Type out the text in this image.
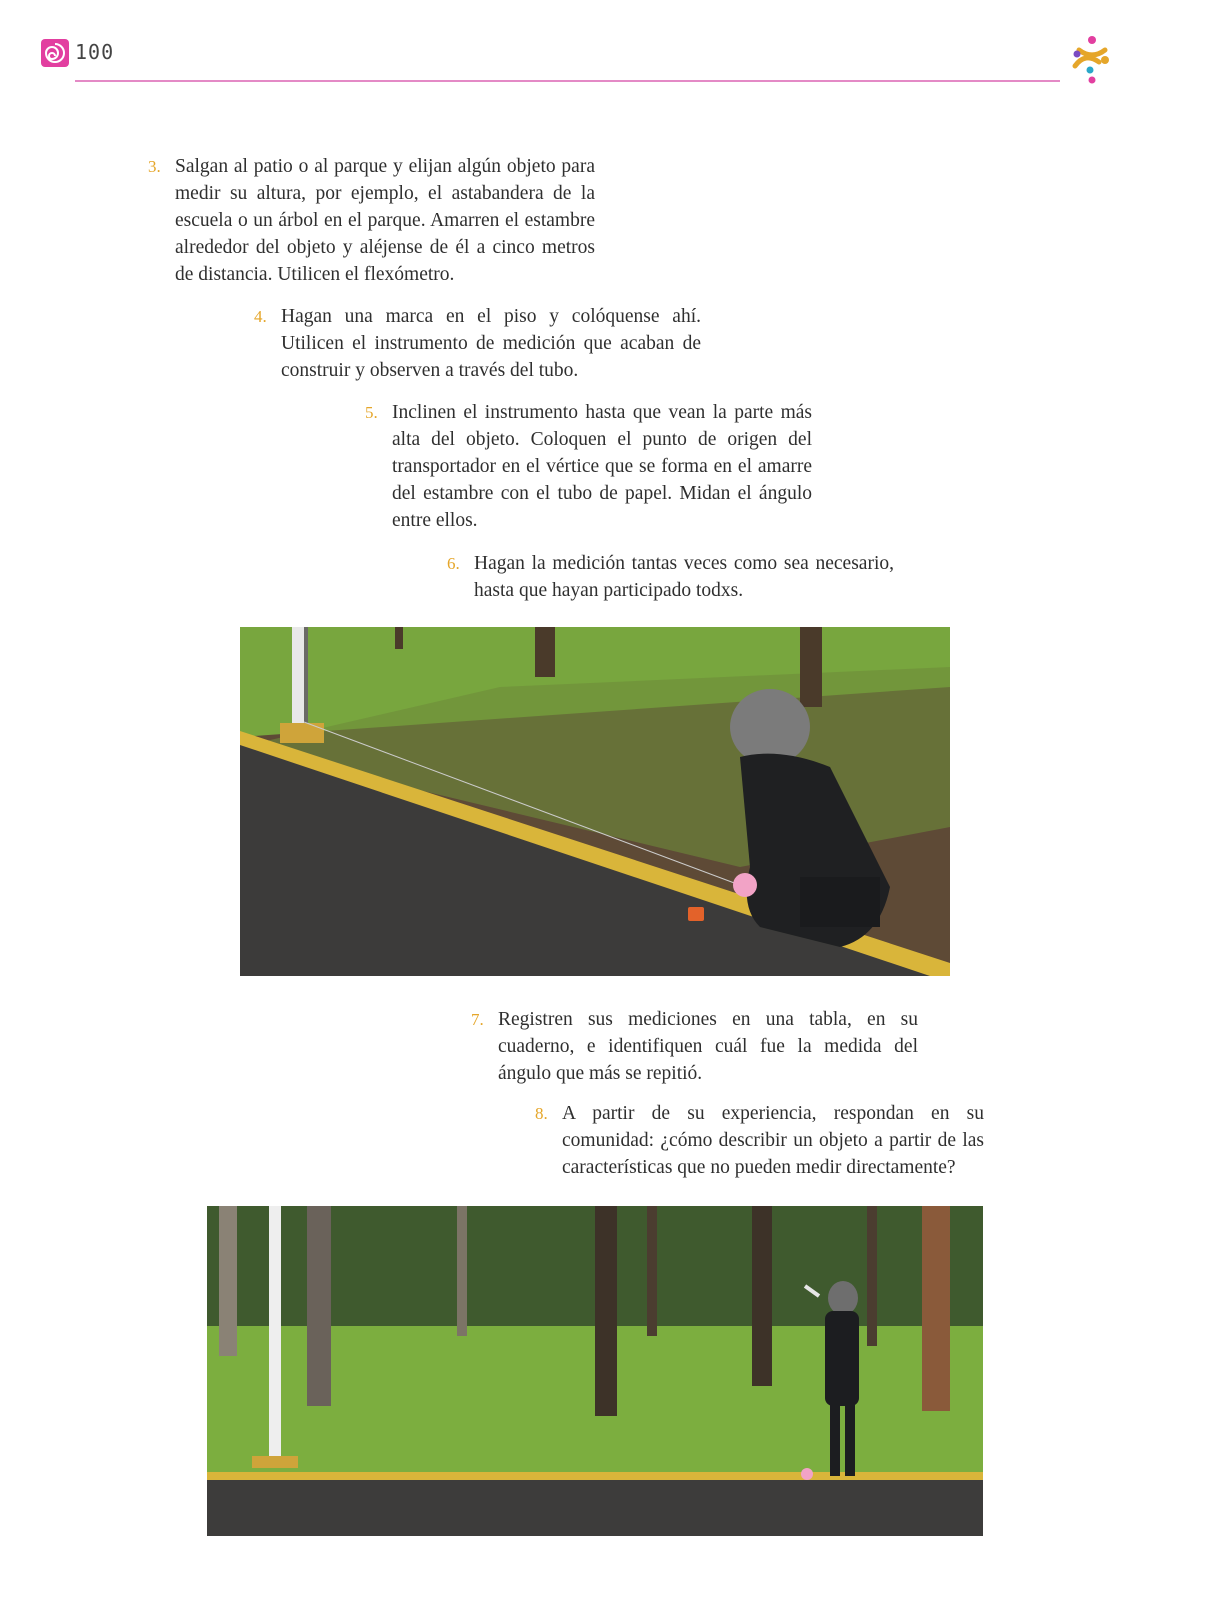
100
3. Salgan al patio o al parque y elijan algún objeto para medir su altura, por ejemplo, el astabandera de la escuela o un árbol en el parque. Amarren el estambre alrededor del objeto y aléjense de él a cinco metros de distancia. Utilicen el flexómetro.
4. Hagan una marca en el piso y colóquense ahí. Utilicen el instrumento de medición que acaban de construir y observen a través del tubo.
5. Inclinen el instrumento hasta que vean la parte más alta del objeto. Coloquen el punto de origen del transportador en el vértice que se forma en el amarre del estambre con el tubo de papel. Midan el ángulo entre ellos.
6. Hagan la medición tantas veces como sea necesario, hasta que hayan participado todxs.
7. Registren sus mediciones en una tabla, en su cuaderno, e identifiquen cuál fue la medida del ángulo que más se repitió.
8. A partir de su experiencia, respondan en su comunidad: ¿cómo describir un objeto a partir de las características que no pueden medir directamente?
